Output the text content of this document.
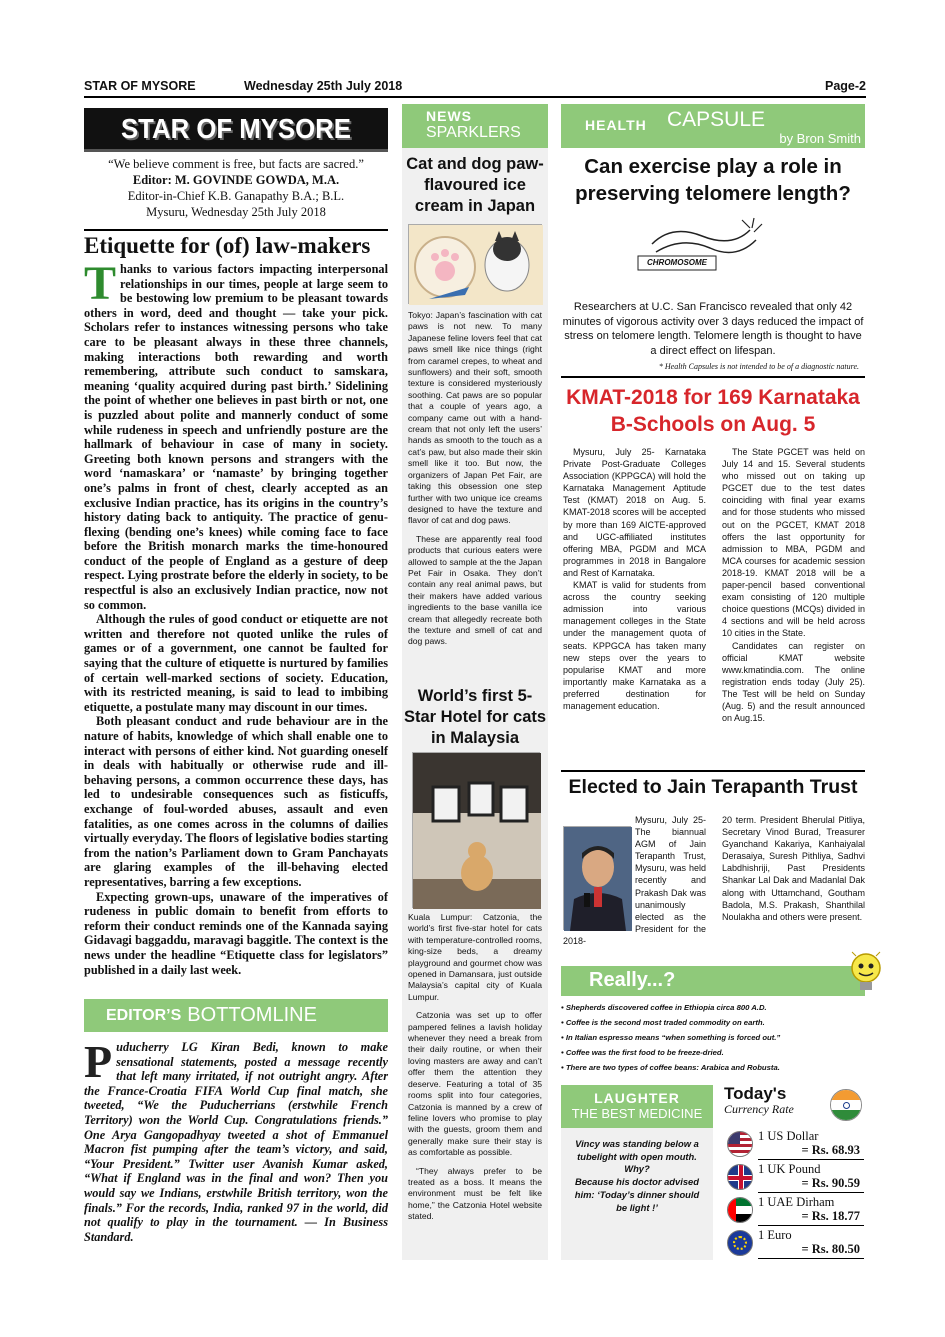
STAR OF MYSORE	Wednesday 25th July 2018	Page-2
STAR OF MYSORE
“We believe comment is free, but facts are sacred.”
Editor: M. GOVINDE GOWDA, M.A.
Editor-in-Chief K.B. Ganapathy B.A.; B.L.
Mysuru, Wednesday 25th July 2018
Etiquette for (of) law-makers

Thanks to various factors impacting interpersonal relationships in our times, people at large seem to be bestowing low premium to be pleasant towards others in word, deed and thought — take your pick. Scholars refer to instances witnessing persons who take care to be pleasant always in these three channels, making interactions both rewarding and worth remembering, attribute such conduct to samskara, meaning ‘quality acquired during past birth.’ Sidelining the point of whether one believes in past birth or not, one is puzzled about polite and mannerly conduct of some while rudeness in speech and unfriendly posture are the hallmark of behaviour in case of many in society. Greeting both known persons and strangers with the word ‘namaskara’ or ‘namaste’ by bringing together one’s palms in front of chest, clearly accepted as an exclusive Indian practice, has its origins in the country’s history dating back to antiquity. The practice of genu-flexing (bending one’s knees) while coming face to face before the British monarch marks the time-honoured conduct of the people of England as a gesture of deep respect. Lying prostrate before the elderly in society, to be respectful is also an exclusively Indian practice, now not so common.

Although the rules of good conduct or etiquette are not written and therefore not quoted unlike the rules of games or of a government, one cannot be faulted for saying that the culture of etiquette is nurtured by families of certain well-marked sections of society. Education, with its restricted meaning, is said to lead to imbibing etiquette, a postulate many may discount in our times.

Both pleasant conduct and rude behaviour are in the nature of habits, knowledge of which shall enable one to interact with persons of either kind. Not guarding oneself in deals with habitually or otherwise rude and ill-behaving persons, a common occurrence these days, has led to undesirable consequences such as fisticuffs, exchange of foul-worded abuses, assault and even fatalities, as one comes across in the columns of dailies virtually everyday. The floors of legislative bodies starting from the nation’s Parliament down to Gram Panchayats are glaring examples of the ill-behaving elected representatives, barring a few exceptions.

Expecting grown-ups, unaware of the imperatives of rudeness in public domain to benefit from efforts to reform their conduct reminds one of the Kannada saying Gidavagi baggaddu, maravagi baggitle. The context is the news under the headline “Etiquette class for legislators” published in a daily last week.

EDITOR’S BOTTOMLINE
Puducherry LG Kiran Bedi, known to make sensational statements, posted a message recently that left many irritated, if not outright angry. After the France-Croatia FIFA World Cup final match, she tweeted, “We the Puducherrians (erstwhile French Territory) won the World Cup. Congratulations friends.” One Arya Gangopadhyay tweeted a shot of Emmanuel Macron fist pumping after the team’s victory, and said, “Your President.” Twitter user Avanish Kumar asked, “What if England was in the final and won? Then you would say we Indians, erstwhile British territory, won the finals.” For the records, India, ranked 97 in the world, did not qualify to play in the tournament. — In Business Standard.
NEWS
SPARKLERS
Cat and dog paw-flavoured ice cream in Japan

Tokyo: Japan’s fascination with cat paws is not new. To many Japanese feline lovers feel that cat paws smell like nice things (right from caramel crepes, to wheat and sunflowers) and their soft, smooth texture is considered mysteriously soothing. Cat paws are so popular that a couple of years ago, a company came out with a hand-cream that not only left the users’ hands as smooth to the touch as a cat’s paw, but also made their skin smell like it too. But now, the organizers of Japan Pet Fair, are taking this obsession one step further with two unique ice creams designed to have the texture and flavor of cat and dog paws.

These are apparently real food products that curious eaters were allowed to sample at the the Japan Pet Fair in Osaka. They don’t contain any real animal paws, but their makers have added various ingredients to the base vanilla ice cream that allegedly recreate both the texture and smell of cat and dog paws.

World’s first 5-Star Hotel for cats in Malaysia

Kuala Lumpur: Catzonia, the world’s first five-star hotel for cats with temperature-controlled rooms, king-size beds, a dreamy playground and gourmet chow was opened in Damansara, just outside Malaysia’s capital city of Kuala Lumpur.

Catzonia was set up to offer pampered felines a lavish holiday whenever they need a break from their daily routine, or when their loving masters are away and can’t offer them the attention they deserve. Featuring a total of 35 rooms split into four categories, Catzonia is manned by a crew of feline lovers who promise to play with the guests, groom them and generally make sure their stay is as comfortable as possible.

“They always prefer to be treated as a boss. It means the environment must be felt like home,” the Catzonia Hotel website stated.

HEALTH CAPSULE
by Bron Smith
Can exercise play a role in preserving telomere length?
CHROMOSOME
Researchers at U.C. San Francisco revealed that only 42 minutes of vigorous activity over 3 days reduced the impact of stress on telomere length. Telomere length is thought to have a direct effect on lifespan.
* Health Capsules is not intended to be of a diagnostic nature.
KMAT-2018 for 169 Karnataka B-Schools on Aug. 5

Mysuru, July 25- Karnataka Private Post-Graduate Colleges Association (KPPGCA) will hold the Karnataka Management Aptitude Test (KMAT) 2018 on Aug. 5. KMAT-2018 scores will be accepted by more than 169 AICTE-approved and UGC-affiliated institutes offering MBA, PGDM and MCA programmes in 2018 in Bangalore and Rest of Karnataka.

KMAT is valid for students from across the country seeking admission into various management colleges in the State under the management quota of seats. KPPGCA has taken many new steps over the years to popularise KMAT and more importantly make Karnataka as a preferred destination for management education.

The State PGCET was held on July 14 and 15. Several students who missed out on taking up PGCET due to the test dates coinciding with final year exams and for those students who missed out on the PGCET, KMAT 2018 offers the last opportunity for admission to MBA, PGDM and MCA courses for academic session 2018-19. KMAT 2018 will be a paper-pencil based conventional exam consisting of 120 multiple choice questions (MCQs) divided in 4 sections and will be held across 10 cities in the State.

Candidates can register on official KMAT website www.kmatindia.com. The online registration ends today (July 25). The Test will be held on Sunday (Aug. 5) and the result announced on Aug.15.

Elected to Jain Terapanth Trust
Mysuru, July 25- The biannual AGM of Jain Terapanth Trust, Mysuru, was held recently and Prakash Dak was unanimously elected as the President for the 2018-
20 term. President Bherulal Pitliya, Secretary Vinod Burad, Treasurer Gyanchand Kakariya, Kanhaiyalal Derasaiya, Suresh Pithliya, Sadhvi Labdhishriji, Past Presidents Shankar Lal Dak and Madanlal Dak along with Uttamchand, Goutham Badola, M.S. Prakash, Shanthilal Noulakha and others were present.
Really...?
• Shepherds discovered coffee in Ethiopia circa 800 A.D.
• Coffee is the second most traded commodity on earth.
• In Italian espresso means “when something is forced out.”
• Coffee was the first food to be freeze-dried.
• There are two types of coffee beans: Arabica and Robusta.
LAUGHTER
THE BEST MEDICINE
Vincy was standing below a tubelight with open mouth.
Why?
Because his doctor advised him: ‘Today’s dinner should be light !’
Today's
Currency Rate
1 US Dollar
= Rs. 68.93
1 UK Pound
= Rs. 90.59
1 UAE Dirham
= Rs. 18.77
1 Euro
= Rs. 80.50
